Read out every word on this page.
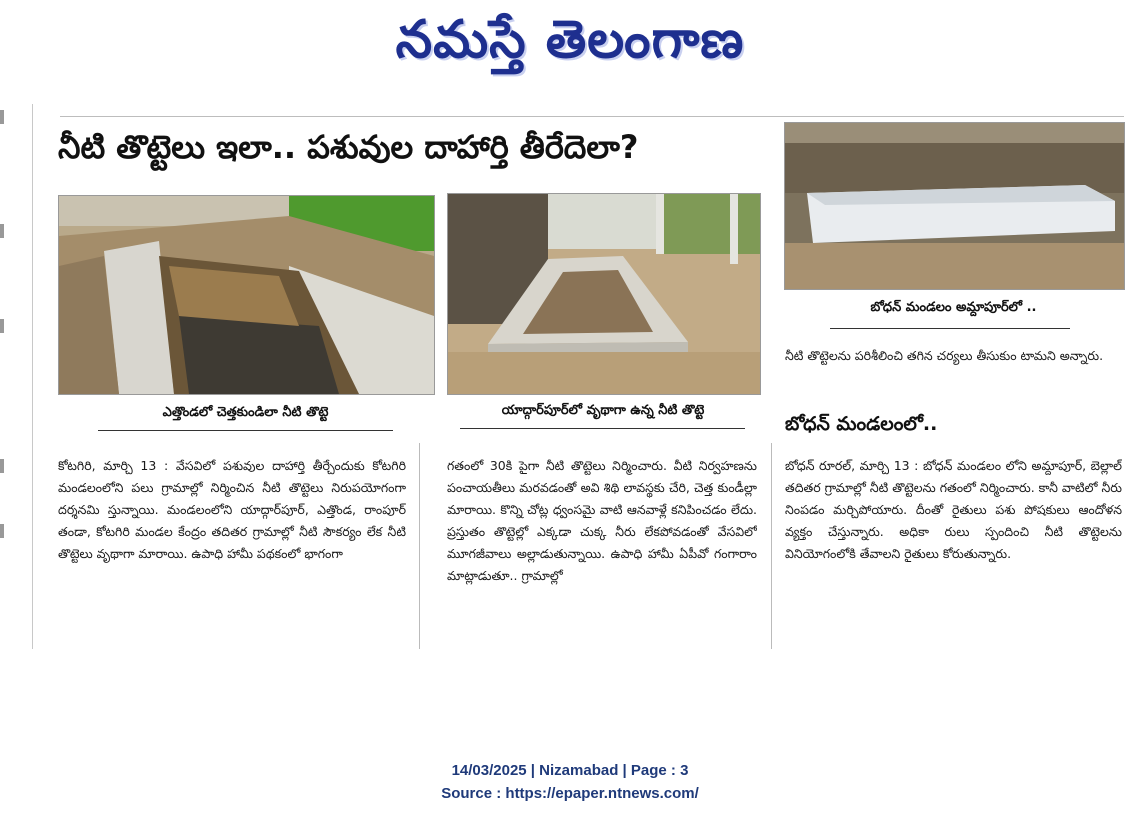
నమస్తే తెలంగాణ
నీటి తొట్టెలు ఇలా.. పశువుల దాహార్తి తీరేదెలా?
ఎత్తొండలో చెత్తకుండిలా నీటి తొట్టె	యాద్గార్‌పూర్‌లో వృథాగా ఉన్న నీటి తొట్టె
బోధన్ మండలం అమ్దాపూర్‌లో ..
నీటి తొట్టెలను పరిశీలించి తగిన చర్యలు తీసుకుం టామని అన్నారు.
బోధన్ మండలంలో..
కోటగిరి, మార్చి 13 : వేసవిలో పశువుల దాహార్తి తీర్చేందుకు కోటగిరి మండలంలోని పలు గ్రామాల్లో నిర్మించిన నీటి తొట్టెలు నిరుపయోగంగా దర్శనమి స్తున్నాయి. మండలంలోని యాద్గార్‌పూర్, ఎత్తొండ, రాంపూర్ తండా, కోటగిరి మండల కేంద్రం తదితర గ్రామాల్లో నీటి సౌకర్యం లేక నీటి తొట్టెలు వృథాగా మారాయి. ఉపాధి హామీ పథకంలో భాగంగా
గతంలో 30కి పైగా నీటి తొట్టెలు నిర్మించారు. వీటి నిర్వహణను పంచాయతీలు మరవడంతో అవి శిథి లావస్థకు చేరి, చెత్త కుండీల్లా మారాయి. కొన్ని చోట్ల ధ్వంసమై వాటి ఆనవాళ్లే కనిపించడం లేదు. ప్రస్తుతం తొట్టెల్లో ఎక్కడా చుక్క నీరు లేకపోవడంతో వేసవిలో మూగజీవాలు అల్లాడుతున్నాయి. ఉపాధి హామీ ఏపీవో గంగారాం మాట్లాడుతూ.. గ్రామాల్లో
బోధన్ రూరల్, మార్చి 13 : బోధన్ మండలం లోని అమ్దాపూర్, బెల్లాల్ తదితర గ్రామాల్లో నీటి తొట్టెలను గతంలో నిర్మించారు. కానీ వాటిలో నీరు నింపడం మర్చిపోయారు. దీంతో రైతులు పశు పోషకులు ఆందోళన వ్యక్తం చేస్తున్నారు. అధికా రులు స్పందించి నీటి తొట్టెలను వినియోగంలోకి తేవాలని రైతులు కోరుతున్నారు.
14/03/2025 | Nizamabad | Page : 3
Source : https://epaper.ntnews.com/
